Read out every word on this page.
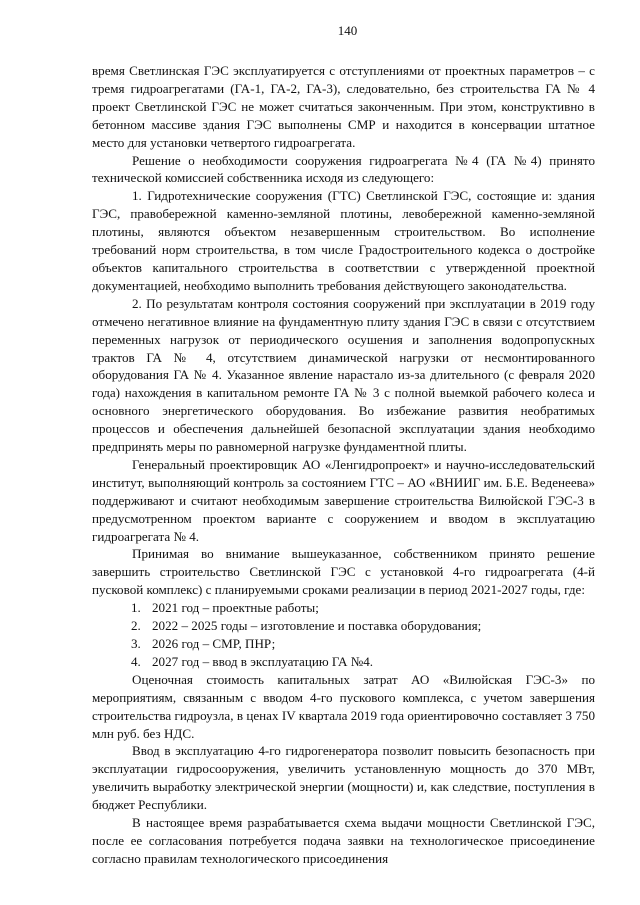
140

время Светлинская ГЭС эксплуатируется с отступлениями от проектных параметров – с тремя гидроагрегатами (ГА-1, ГА-2, ГА-3), следовательно, без строительства ГА № 4 проект Светлинской ГЭС не может считаться законченным. При этом, конструктивно в бетонном массиве здания ГЭС выполнены СМР и находится в консервации штатное место для установки четвертого гидроагрегата.

Решение о необходимости сооружения гидроагрегата №4 (ГА №4) принято технической комиссией собственника исходя из следующего:

1. Гидротехнические сооружения (ГТС) Светлинской ГЭС, состоящие и: здания ГЭС, правобережной каменно-земляной плотины, левобережной каменно-земляной плотины, являются объектом незавершенным строительством. Во исполнение требований норм строительства, в том числе Градостроительного кодекса о достройке объектов капитального строительства в соответствии с утвержденной проектной документацией, необходимо выполнить требования действующего законодательства.

2. По результатам контроля состояния сооружений при эксплуатации в 2019 году отмечено негативное влияние на фундаментную плиту здания ГЭС в связи с отсутствием переменных нагрузок от периодического осушения и заполнения водопропускных трактов ГА № 4, отсутствием динамической нагрузки от несмонтированного оборудования ГА № 4. Указанное явление нарастало из-за длительного (с февраля 2020 года) нахождения в капитальном ремонте ГА № 3 с полной выемкой рабочего колеса и основного энергетического оборудования. Во избежание развития необратимых процессов и обеспечения дальнейшей безопасной эксплуатации здания необходимо предпринять меры по равномерной нагрузке фундаментной плиты.

Генеральный проектировщик АО «Ленгидропроект» и научно-исследовательский институт, выполняющий контроль за состоянием ГТС – АО «ВНИИГ им. Б.Е. Веденеева» поддерживают и считают необходимым завершение строительства Вилюйской ГЭС-3 в предусмотренном проектом варианте с сооружением и вводом в эксплуатацию гидроагрегата № 4.

Принимая во внимание вышеуказанное, собственником принято решение завершить строительство Светлинской ГЭС с установкой 4-го гидроагрегата (4-й пусковой комплекс) с планируемыми сроками реализации в период 2021-2027 годы, где:

1. 2021 год – проектные работы;
2. 2022 – 2025 годы – изготовление и поставка оборудования;
3. 2026 год – СМР, ПНР;
4. 2027 год – ввод в эксплуатацию ГА №4.

Оценочная стоимость капитальных затрат АО «Вилюйская ГЭС-3» по мероприятиям, связанным с вводом 4-го пускового комплекса, с учетом завершения строительства гидроузла, в ценах IV квартала 2019 года ориентировочно составляет 3 750 млн руб. без НДС.

Ввод в эксплуатацию 4-го гидрогенератора позволит повысить безопасность при эксплуатации гидросооружения, увеличить установленную мощность до 370 МВт, увеличить выработку электрической энергии (мощности) и, как следствие, поступления в бюджет Республики.

В настоящее время разрабатывается схема выдачи мощности Светлинской ГЭС, после ее согласования потребуется подача заявки на технологическое присоединение согласно правилам технологического присоединения
